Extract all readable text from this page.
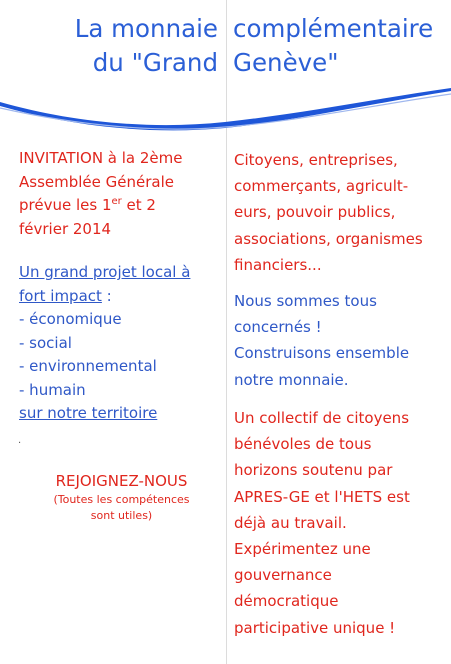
La monnaie complémentaire
du "Grand Genève"
INVITATION à la 2ème
Assemblée Générale
prévue les 1er et 2
février 2014
Un grand projet local à
fort impact :
- économique
- social
- environnemental
- humain
sur notre territoire
.
REJOIGNEZ-NOUS
(Toutes les compétences
sont utiles)
Citoyens, entreprises,
commerçants, agricult-
eurs, pouvoir publics,
associations, organismes
financiers...
Nous sommes tous
concernés !
Construisons ensemble
notre monnaie.
Un collectif de citoyens
bénévoles de tous
horizons soutenu par
APRES-GE et l'HETS est
déjà au travail.
Expérimentez une
gouvernance
démocratique
participative unique !
